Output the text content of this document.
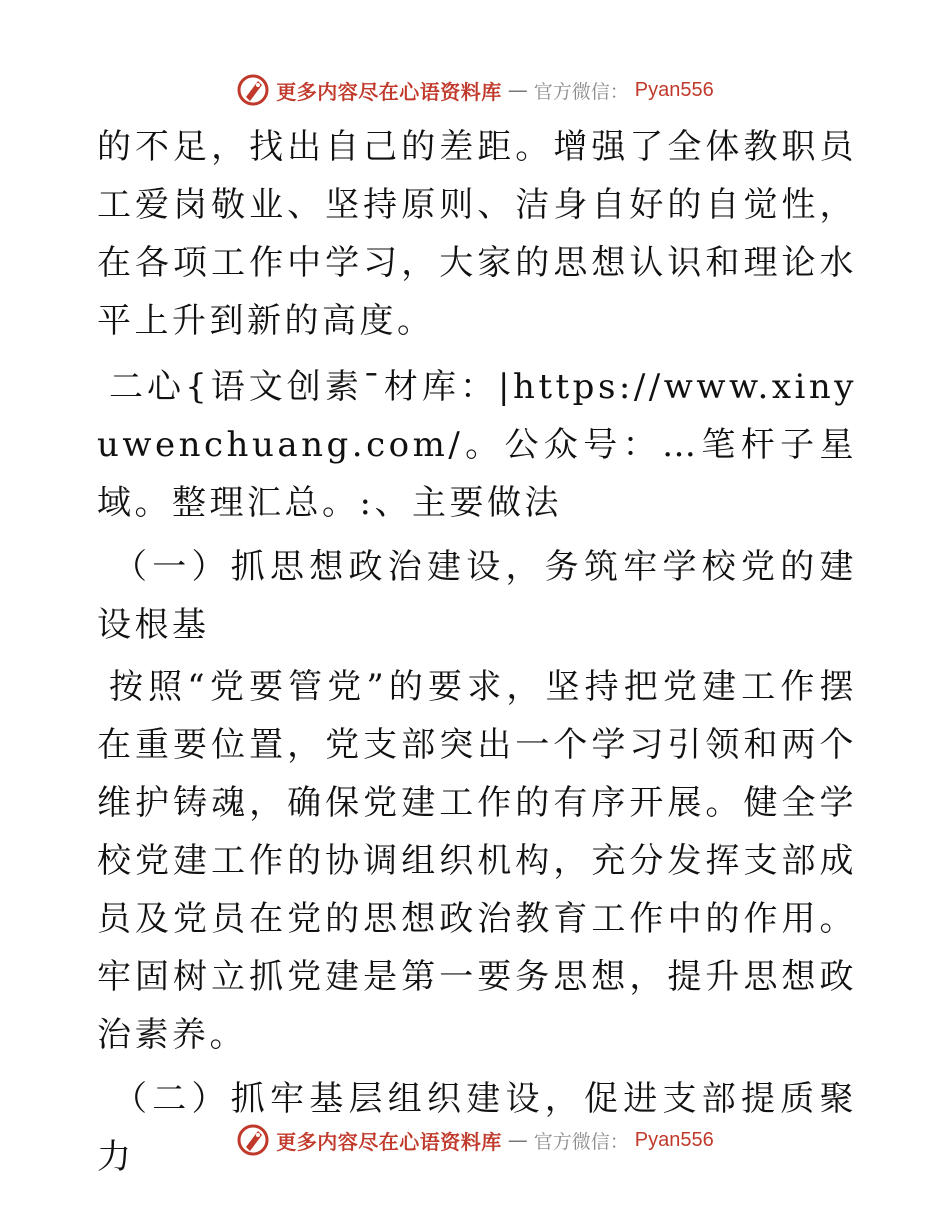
更多内容尽在心语资料库 — 官方微信： Pyan556

的不足，找出自己的差距。增强了全体教职员工爱岗敬业、坚持原则、洁身自好的自觉性，在各项工作中学习，大家的思想认识和理论水平上升到新的高度。

二心{语文创素¯材库：|https://www.xinyuwenchuang.com/。公众号：…笔杆子星域。整理汇总。:、主要做法

（一）抓思想政治建设，务筑牢学校党的建设根基

按照“党要管党”的要求，坚持把党建工作摆在重要位置，党支部突出一个学习引领和两个维护铸魂，确保党建工作的有序开展。健全学校党建工作的协调组织机构，充分发挥支部成员及党员在党的思想政治教育工作中的作用。牢固树立抓党建是第一要务思想，提升思想政治素养。

（二）抓牢基层组织建设，促进支部提质聚力	更多内容尽在心语资料库 — 官方微信： Pyan556
